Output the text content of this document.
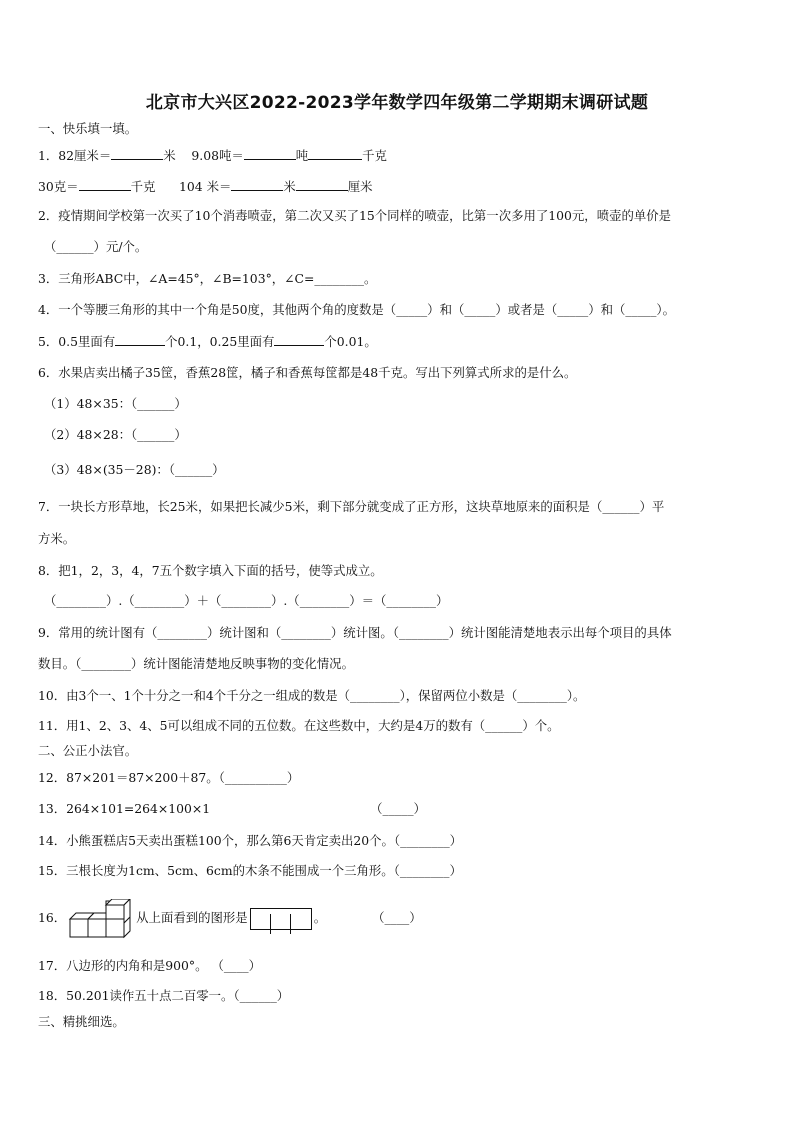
北京市大兴区2022-2023学年数学四年级第二学期期末调研试题
一、快乐填一填。
1．82厘米＝	米 9.08吨＝	吨	千克
30克＝	千克 104 米＝	米	厘米
2．疫情期间学校第一次买了10个消毒喷壶，第二次又买了15个同样的喷壶，比第一次多用了100元，喷壶的单价是
（______）元/个。
3．三角形ABC中，∠A=45°，∠B=103°，∠C=________。
4．一个等腰三角形的其中一个角是50度，其他两个角的度数是（_____）和（_____）或者是（_____）和（_____）。
5．0.5里面有	个0.1，0.25里面有	个0.01。
6．水果店卖出橘子35筐，香蕉28筐，橘子和香蕉每筐都是48千克。写出下列算式所求的是什么。
（1）48×35：（______）
（2）48×28：（______）
（3）48×(35－28)：（______）
7．一块长方形草地，长25米，如果把长减少5米，剩下部分就变成了正方形，这块草地原来的面积是（______）平
方米。
8．把1，2，3，4，7五个数字填入下面的括号，使等式成立。
（________）.（________）＋（________）.（________）＝（________）
9．常用的统计图有（________）统计图和（________）统计图。（________）统计图能清楚地表示出每个项目的具体
数目。（________）统计图能清楚地反映事物的变化情况。
10．由3个一、1个十分之一和4个千分之一组成的数是（________），保留两位小数是（________）。
11．用1、2、3、4、5可以组成不同的五位数。在这些数中，大约是4万的数有（______）个。
二、公正小法官。
12．87×201＝87×200＋87。（__________）
13．264×101=264×100×1	（_____）
14．小熊蛋糕店5天卖出蛋糕100个，那么第6天肯定卖出20个。（________）
15．三根长度为1cm、5cm、6cm的木条不能围成一个三角形。（________）
16．	从上面看到的图形是	。	（____）
17．八边形的内角和是900°。 （____）
18．50.201读作五十点二百零一。（______）
三、精挑细选。
